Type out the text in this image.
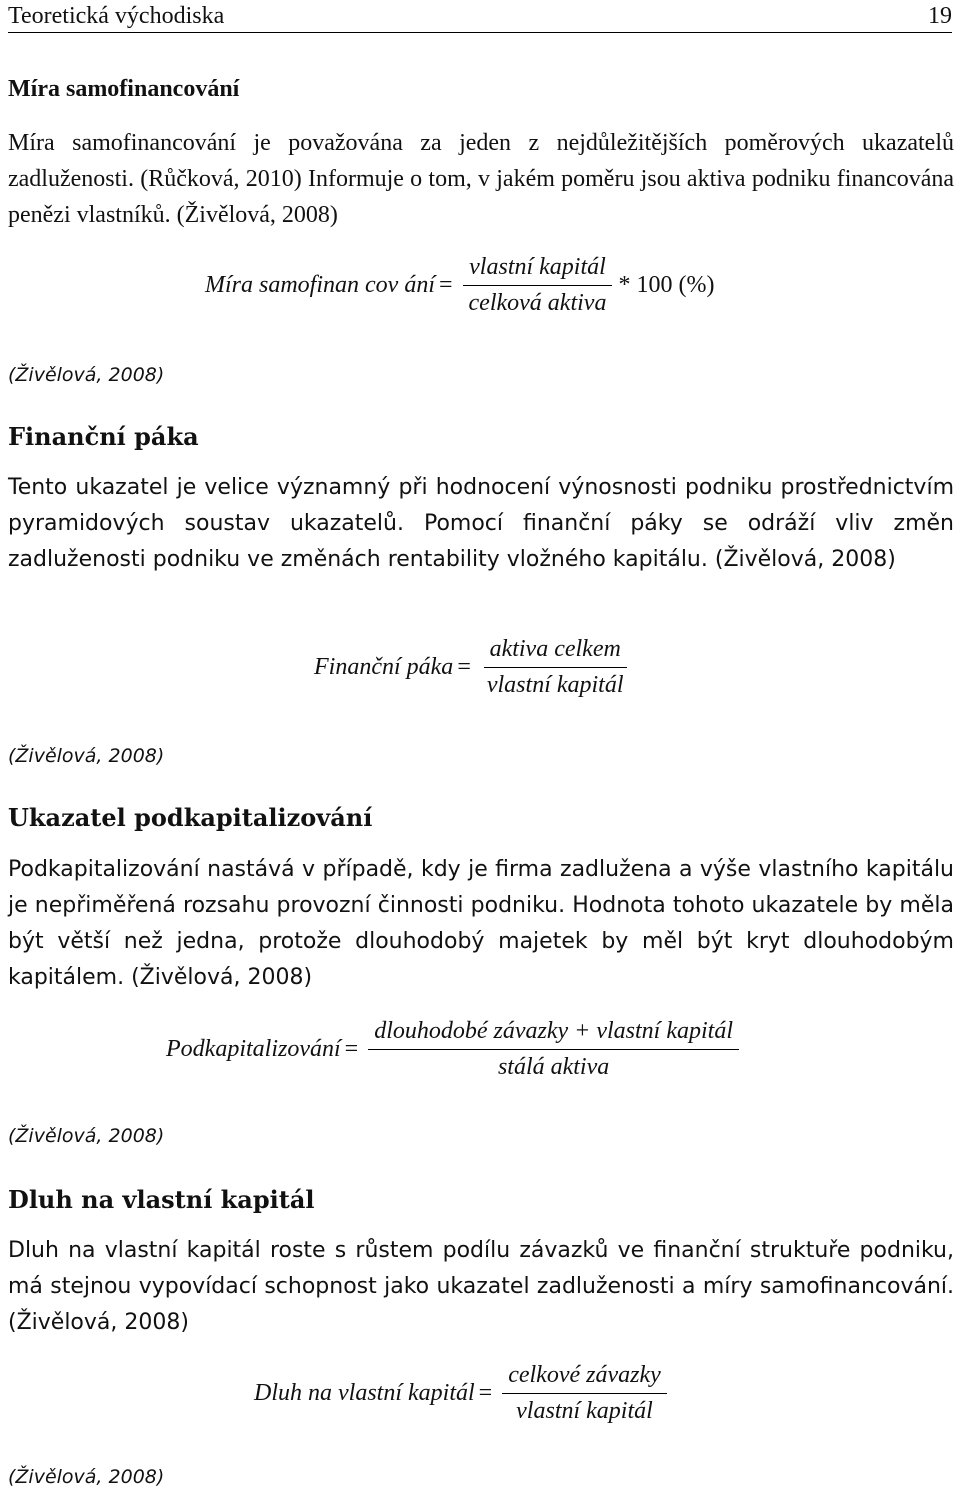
Teoretická východiska	19
Míra samofinancování

Míra samofinancování je považována za jeden z nejdůležitějších poměrových ukazatelů zadluženosti. (Růčková, 2010) Informuje o tom, v jakém poměru jsou aktiva podniku financována penězi vlastníků. (Živělová, 2008)

Míra samofinan cov ání = $\frac{\text{vlastní kapitál}}{\text{celková aktiva}} * 100$ (%)
(Živělová, 2008)
Finanční páka

Tento ukazatel je velice významný při hodnocení výnosnosti podniku prostřednictvím pyramidových soustav ukazatelů. Pomocí finanční páky se odráží vliv změn zadluženosti podniku ve změnách rentability vložného kapitálu. (Živělová, 2008)

Finanční páka = $\frac{\text{aktiva celkem}}{\text{vlastní kapitál}}$
(Živělová, 2008)
Ukazatel podkapitalizování

Podkapitalizování nastává v případě, kdy je firma zadlužena a výše vlastního kapitálu je nepřiměřená rozsahu provozní činnosti podniku. Hodnota tohoto ukazatele by měla být větší než jedna, protože dlouhodobý majetek by měl být kryt dlouhodobým kapitálem. (Živělová, 2008)

Podkapitalizování = $\frac{\text{dlouhodobé závazky + vlastní kapitál}}{\text{stálá aktiva}}$
(Živělová, 2008)
Dluh na vlastní kapitál

Dluh na vlastní kapitál roste s růstem podílu závazků ve finanční struktuře podniku, má stejnou vypovídací schopnost jako ukazatel zadluženosti a míry samofinancování. (Živělová, 2008)

Dluh na vlastní kapitál = $\frac{\text{celkové závazky}}{\text{vlastní kapitál}}$
(Živělová, 2008)
